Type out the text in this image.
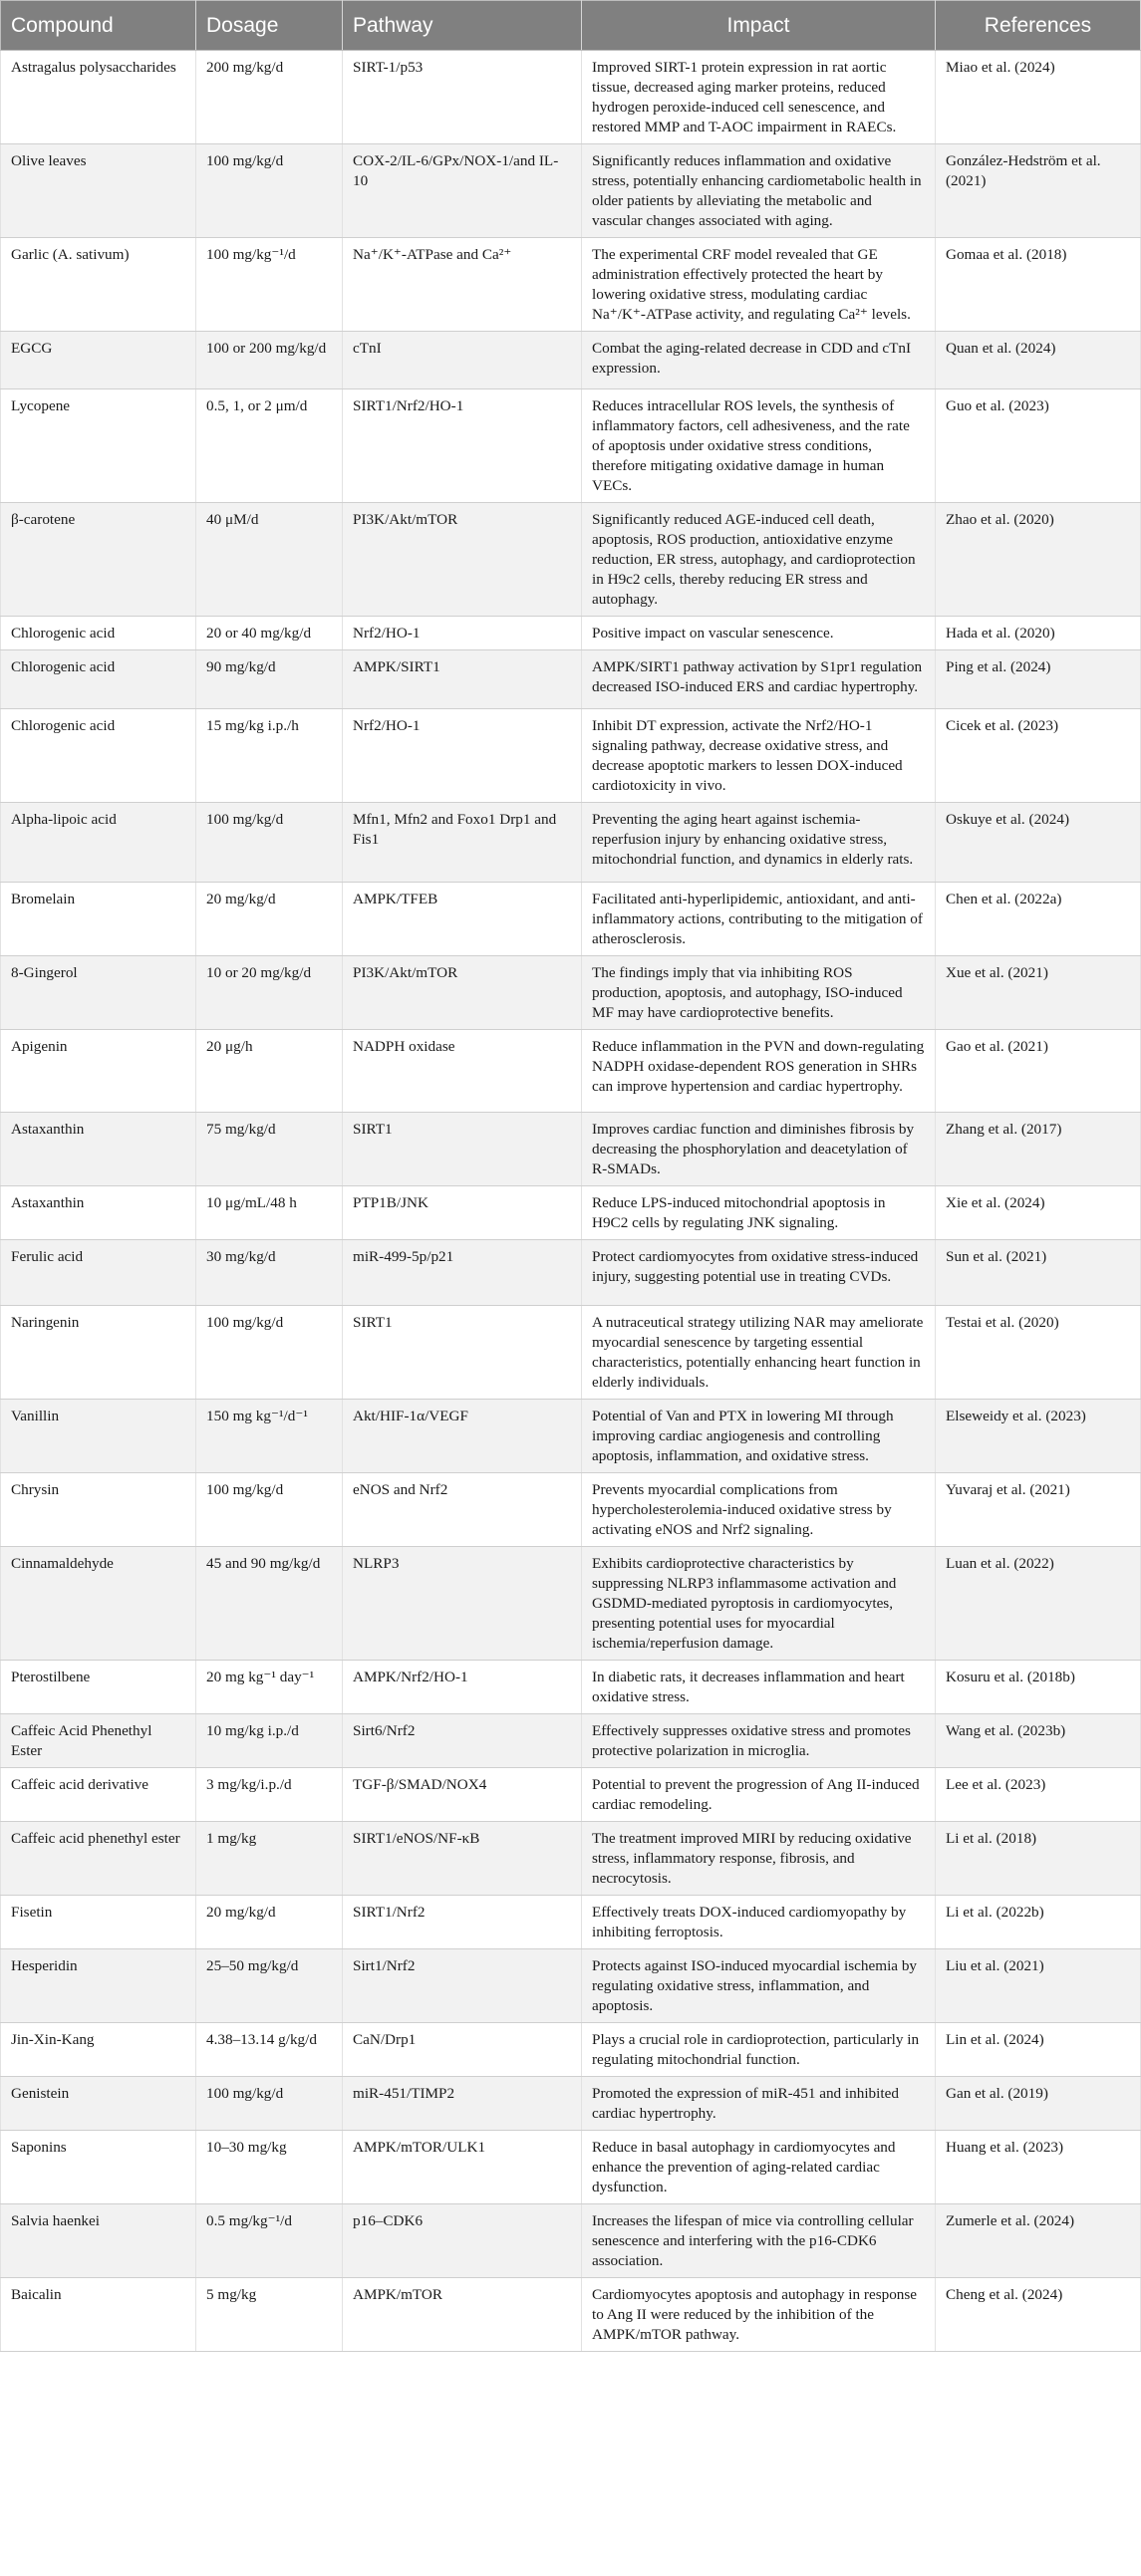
Compound	Dosage	Pathway	Impact	References
Astragalus polysaccharides	200 mg/kg/d	SIRT-1/p53	Improved SIRT-1 protein expression in rat aortic tissue, decreased aging marker proteins, reduced hydrogen peroxide-induced cell senescence, and restored MMP and T-AOC impairment in RAECs.	Miao et al. (2024)
Olive leaves	100 mg/kg/d	COX-2/IL-6/GPx/NOX-1/and IL-10	Significantly reduces inflammation and oxidative stress, potentially enhancing cardiometabolic health in older patients by alleviating the metabolic and vascular changes associated with aging.	González-Hedström et al. (2021)
Garlic (A. sativum)	100 mg/kg⁻¹/d	Na⁺/K⁺-ATPase and Ca²⁺	The experimental CRF model revealed that GE administration effectively protected the heart by lowering oxidative stress, modulating cardiac Na⁺/K⁺-ATPase activity, and regulating Ca²⁺ levels.	Gomaa et al. (2018)
EGCG	100 or 200 mg/kg/d	cTnI	Combat the aging-related decrease in CDD and cTnI expression.	Quan et al. (2024)
Lycopene	0.5, 1, or 2 μm/d	SIRT1/Nrf2/HO-1	Reduces intracellular ROS levels, the synthesis of inflammatory factors, cell adhesiveness, and the rate of apoptosis under oxidative stress conditions, therefore mitigating oxidative damage in human VECs.	Guo et al. (2023)
β-carotene	40 μM/d	PI3K/Akt/mTOR	Significantly reduced AGE-induced cell death, apoptosis, ROS production, antioxidative enzyme reduction, ER stress, autophagy, and cardioprotection in H9c2 cells, thereby reducing ER stress and autophagy.	Zhao et al. (2020)
Chlorogenic acid	20 or 40 mg/kg/d	Nrf2/HO-1	Positive impact on vascular senescence.	Hada et al. (2020)
Chlorogenic acid	90 mg/kg/d	AMPK/SIRT1	AMPK/SIRT1 pathway activation by S1pr1 regulation decreased ISO-induced ERS and cardiac hypertrophy.	Ping et al. (2024)
Chlorogenic acid	15 mg/kg i.p./h	Nrf2/HO-1	Inhibit DT expression, activate the Nrf2/HO-1 signaling pathway, decrease oxidative stress, and decrease apoptotic markers to lessen DOX-induced cardiotoxicity in vivo.	Cicek et al. (2023)
Alpha-lipoic acid	100 mg/kg/d	Mfn1, Mfn2 and Foxo1 Drp1 and Fis1	Preventing the aging heart against ischemia-reperfusion injury by enhancing oxidative stress, mitochondrial function, and dynamics in elderly rats.	Oskuye et al. (2024)
Bromelain	20 mg/kg/d	AMPK/TFEB	Facilitated anti-hyperlipidemic, antioxidant, and anti-inflammatory actions, contributing to the mitigation of atherosclerosis.	Chen et al. (2022a)
8-Gingerol	10 or 20 mg/kg/d	PI3K/Akt/mTOR	The findings imply that via inhibiting ROS production, apoptosis, and autophagy, ISO-induced MF may have cardioprotective benefits.	Xue et al. (2021)
Apigenin	20 μg/h	NADPH oxidase	Reduce inflammation in the PVN and down-regulating NADPH oxidase-dependent ROS generation in SHRs can improve hypertension and cardiac hypertrophy.	Gao et al. (2021)
Astaxanthin	75 mg/kg/d	SIRT1	Improves cardiac function and diminishes fibrosis by decreasing the phosphorylation and deacetylation of R-SMADs.	Zhang et al. (2017)
Astaxanthin	10 μg/mL/48 h	PTP1B/JNK	Reduce LPS-induced mitochondrial apoptosis in H9C2 cells by regulating JNK signaling.	Xie et al. (2024)
Ferulic acid	30 mg/kg/d	miR-499-5p/p21	Protect cardiomyocytes from oxidative stress-induced injury, suggesting potential use in treating CVDs.	Sun et al. (2021)
Naringenin	100 mg/kg/d	SIRT1	A nutraceutical strategy utilizing NAR may ameliorate myocardial senescence by targeting essential characteristics, potentially enhancing heart function in elderly individuals.	Testai et al. (2020)
Vanillin	150 mg kg⁻¹/d⁻¹	Akt/HIF-1α/VEGF	Potential of Van and PTX in lowering MI through improving cardiac angiogenesis and controlling apoptosis, inflammation, and oxidative stress.	Elseweidy et al. (2023)
Chrysin	100 mg/kg/d	eNOS and Nrf2	Prevents myocardial complications from hypercholesterolemia-induced oxidative stress by activating eNOS and Nrf2 signaling.	Yuvaraj et al. (2021)
Cinnamaldehyde	45 and 90 mg/kg/d	NLRP3	Exhibits cardioprotective characteristics by suppressing NLRP3 inflammasome activation and GSDMD-mediated pyroptosis in cardiomyocytes, presenting potential uses for myocardial ischemia/reperfusion damage.	Luan et al. (2022)
Pterostilbene	20 mg kg⁻¹ day⁻¹	AMPK/Nrf2/HO-1	In diabetic rats, it decreases inflammation and heart oxidative stress.	Kosuru et al. (2018b)
Caffeic Acid Phenethyl Ester	10 mg/kg i.p./d	Sirt6/Nrf2	Effectively suppresses oxidative stress and promotes protective polarization in microglia.	Wang et al. (2023b)
Caffeic acid derivative	3 mg/kg/i.p./d	TGF-β/SMAD/NOX4	Potential to prevent the progression of Ang II-induced cardiac remodeling.	Lee et al. (2023)
Caffeic acid phenethyl ester	1 mg/kg	SIRT1/eNOS/NF-κB	The treatment improved MIRI by reducing oxidative stress, inflammatory response, fibrosis, and necrocytosis.	Li et al. (2018)
Fisetin	20 mg/kg/d	SIRT1/Nrf2	Effectively treats DOX-induced cardiomyopathy by inhibiting ferroptosis.	Li et al. (2022b)
Hesperidin	25–50 mg/kg/d	Sirt1/Nrf2	Protects against ISO-induced myocardial ischemia by regulating oxidative stress, inflammation, and apoptosis.	Liu et al. (2021)
Jin-Xin-Kang	4.38–13.14 g/kg/d	CaN/Drp1	Plays a crucial role in cardioprotection, particularly in regulating mitochondrial function.	Lin et al. (2024)
Genistein	100 mg/kg/d	miR-451/TIMP2	Promoted the expression of miR-451 and inhibited cardiac hypertrophy.	Gan et al. (2019)
Saponins	10–30 mg/kg	AMPK/mTOR/ULK1	Reduce in basal autophagy in cardiomyocytes and enhance the prevention of aging-related cardiac dysfunction.	Huang et al. (2023)
Salvia haenkei	0.5 mg/kg⁻¹/d	p16–CDK6	Increases the lifespan of mice via controlling cellular senescence and interfering with the p16-CDK6 association.	Zumerle et al. (2024)
Baicalin	5 mg/kg	AMPK/mTOR	Cardiomyocytes apoptosis and autophagy in response to Ang II were reduced by the inhibition of the AMPK/mTOR pathway.	Cheng et al. (2024)
